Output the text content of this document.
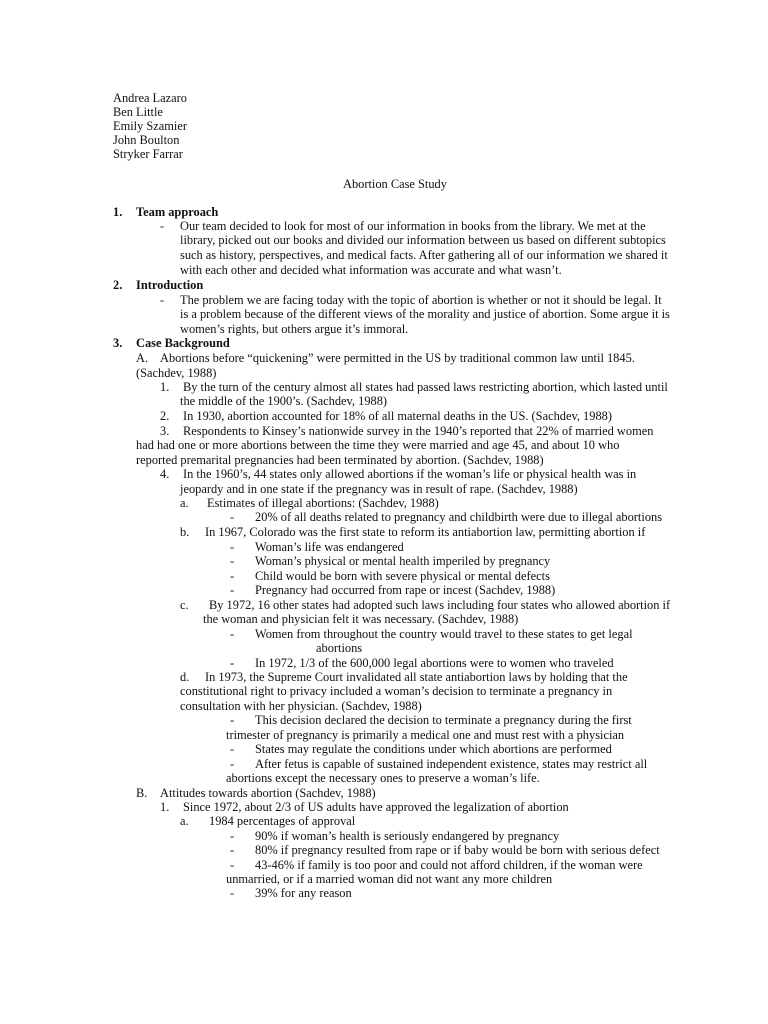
Andrea Lazaro
Ben Little
Emily Szamier
John Boulton
Stryker Farrar
Abortion Case Study
1. Team approach
- Our team decided to look for most of our information in books from the library. We met at the
library, picked out our books and divided our information between us based on different subtopics
such as history, perspectives, and medical facts. After gathering all of our information we shared it
with each other and decided what information was accurate and what wasn’t.
2. Introduction
- The problem we are facing today with the topic of abortion is whether or not it should be legal. It
is a problem because of the different views of the morality and justice of abortion. Some argue it is
women’s rights, but others argue it’s immoral.
3. Case Background
A. Abortions before “quickening” were permitted in the US by traditional common law until 1845.
(Sachdev, 1988)
1. By the turn of the century almost all states had passed laws restricting abortion, which lasted until
the middle of the 1900’s. (Sachdev, 1988)
2. In 1930, abortion accounted for 18% of all maternal deaths in the US. (Sachdev, 1988)
3. Respondents to Kinsey’s nationwide survey in the 1940’s reported that 22% of married women
had had one or more abortions between the time they were married and age 45, and about 10 who
reported premarital pregnancies had been terminated by abortion. (Sachdev, 1988)
4. In the 1960’s, 44 states only allowed abortions if the woman’s life or physical health was in
jeopardy and in one state if the pregnancy was in result of rape. (Sachdev, 1988)
a. Estimates of illegal abortions: (Sachdev, 1988)
- 20% of all deaths related to pregnancy and childbirth were due to illegal abortions
b. In 1967, Colorado was the first state to reform its antiabortion law, permitting abortion if
- Woman’s life was endangered
- Woman’s physical or mental health imperiled by pregnancy
- Child would be born with severe physical or mental defects
- Pregnancy had occurred from rape or incest (Sachdev, 1988)
c. By 1972, 16 other states had adopted such laws including four states who allowed abortion if
the woman and physician felt it was necessary. (Sachdev, 1988)
- Women from throughout the country would travel to these states to get legal
abortions
- In 1972, 1/3 of the 600,000 legal abortions were to women who traveled
d. In 1973, the Supreme Court invalidated all state antiabortion laws by holding that the
constitutional right to privacy included a woman’s decision to terminate a pregnancy in
consultation with her physician. (Sachdev, 1988)
- This decision declared the decision to terminate a pregnancy during the first
trimester of pregnancy is primarily a medical one and must rest with a physician
- States may regulate the conditions under which abortions are performed
- After fetus is capable of sustained independent existence, states may restrict all
abortions except the necessary ones to preserve a woman’s life.
B. Attitudes towards abortion (Sachdev, 1988)
1. Since 1972, about 2/3 of US adults have approved the legalization of abortion
a. 1984 percentages of approval
- 90% if woman’s health is seriously endangered by pregnancy
- 80% if pregnancy resulted from rape or if baby would be born with serious defect
- 43-46% if family is too poor and could not afford children, if the woman were
unmarried, or if a married woman did not want any more children
- 39% for any reason
